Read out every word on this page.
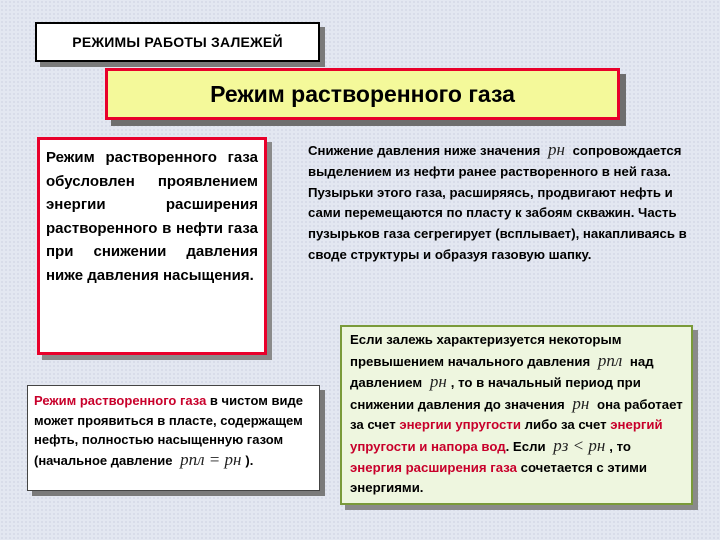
РЕЖИМЫ РАБОТЫ ЗАЛЕЖЕЙ
Режим растворенного газа
Режим растворенного газа обусловлен проявлением энергии расширения растворенного в нефти газа при снижении давления ниже давления насыщения.
Режим растворенного газа в чистом виде может проявиться в пласте, содержащем нефть, полностью насыщенную газом (начальное давление pпл = pн ).
Снижение давления ниже значения pн сопровождается выделением из нефти ранее растворенного в ней газа. Пузырьки этого газа, расширяясь, продвигают нефть и сами перемещаются по пласту к забоям скважин. Часть пузырьков газа сегрегирует (всплывает), накапливаясь в своде структуры и образуя газовую шапку.
Если залежь характеризуется некоторым превышением начального давления pпл над давлением pн , то в начальный период при снижении давления до значения pн она работает за счет энергии упругости либо за счет энергий упругости и напора вод. Если pз < pн , то энергия расширения газа сочетается с этими энергиями.
